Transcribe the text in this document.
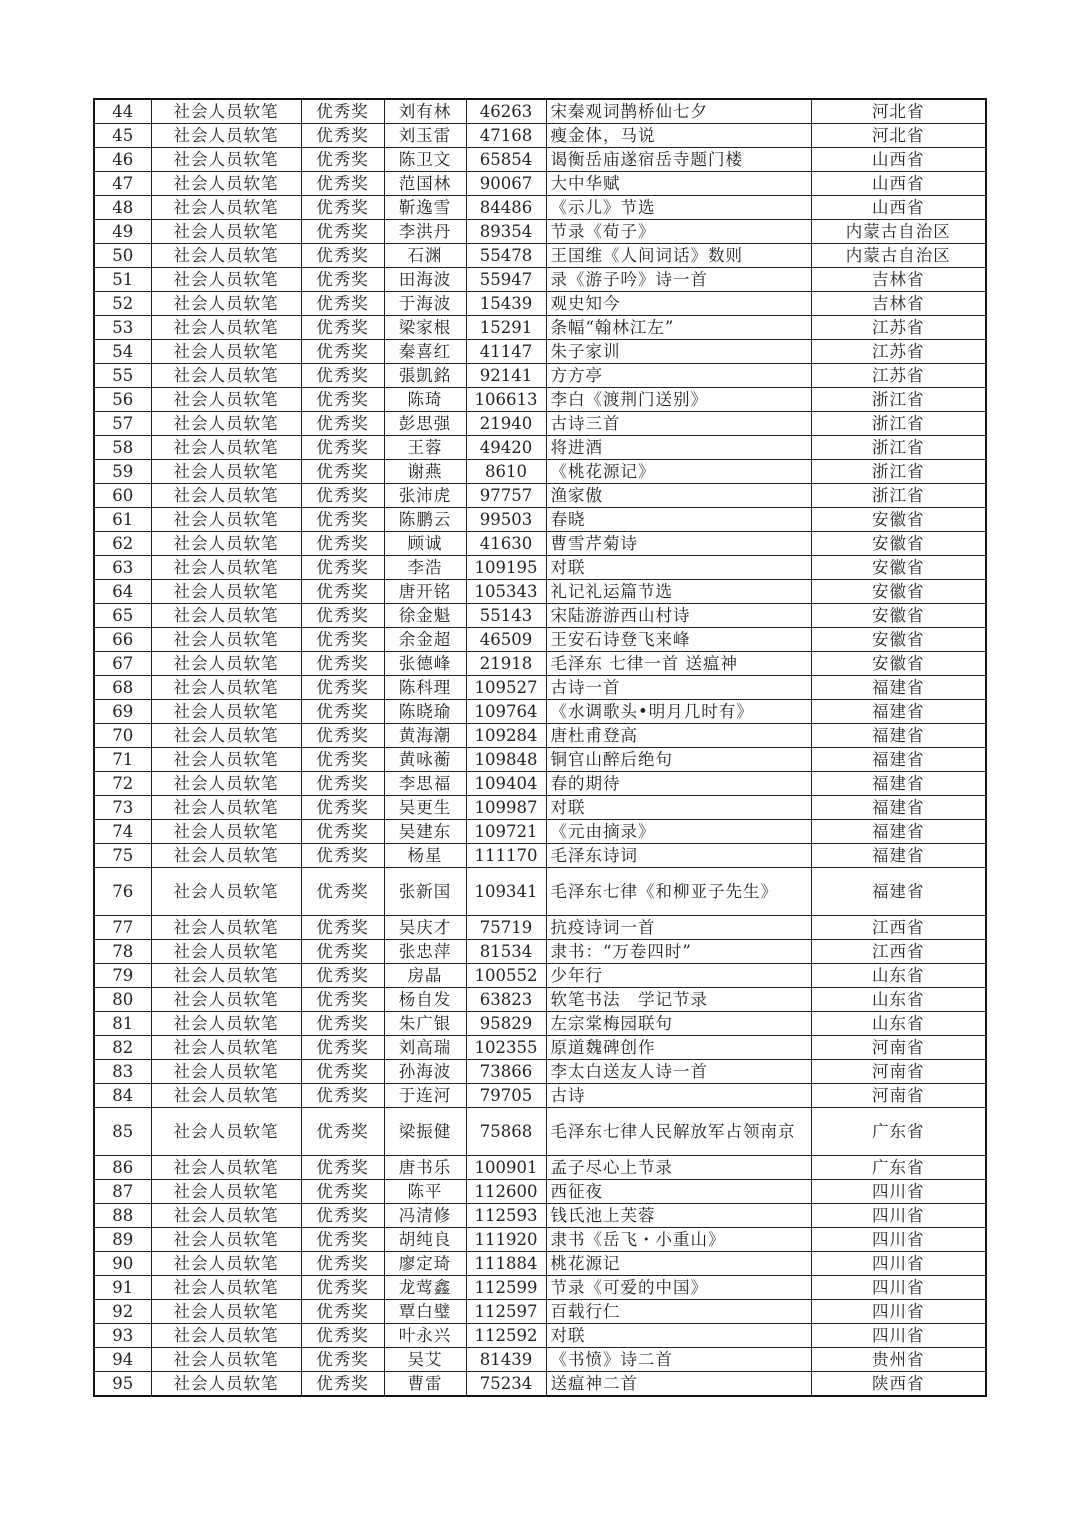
44	社会人员软笔	优秀奖	刘有林	46263	宋秦观词鹊桥仙七夕	河北省
45	社会人员软笔	优秀奖	刘玉雷	47168	瘦金体，马说	河北省
46	社会人员软笔	优秀奖	陈卫文	65854	谒衡岳庙遂宿岳寺题门楼	山西省
47	社会人员软笔	优秀奖	范国林	90067	大中华赋	山西省
48	社会人员软笔	优秀奖	靳逸雪	84486	《示儿》节选	山西省
49	社会人员软笔	优秀奖	李洪丹	89354	节录《荀子》	内蒙古自治区
50	社会人员软笔	优秀奖	石渊	55478	王国维《人间词话》数则	内蒙古自治区
51	社会人员软笔	优秀奖	田海波	55947	录《游子吟》诗一首	吉林省
52	社会人员软笔	优秀奖	于海波	15439	观史知今	吉林省
53	社会人员软笔	优秀奖	梁家根	15291	条幅“翰林江左”	江苏省
54	社会人员软笔	优秀奖	秦喜红	41147	朱子家训	江苏省
55	社会人员软笔	优秀奖	張凱銘	92141	方方亭	江苏省
56	社会人员软笔	优秀奖	陈琦	106613	李白《渡荆门送别》	浙江省
57	社会人员软笔	优秀奖	彭思强	21940	古诗三首	浙江省
58	社会人员软笔	优秀奖	王蓉	49420	将进酒	浙江省
59	社会人员软笔	优秀奖	谢燕	8610	《桃花源记》	浙江省
60	社会人员软笔	优秀奖	张沛虎	97757	渔家傲	浙江省
61	社会人员软笔	优秀奖	陈鹏云	99503	春晓	安徽省
62	社会人员软笔	优秀奖	顾诚	41630	曹雪芹菊诗	安徽省
63	社会人员软笔	优秀奖	李浩	109195	对联	安徽省
64	社会人员软笔	优秀奖	唐开铭	105343	礼记礼运篇节选	安徽省
65	社会人员软笔	优秀奖	徐金魁	55143	宋陆游游西山村诗	安徽省
66	社会人员软笔	优秀奖	余金超	46509	王安石诗登飞来峰	安徽省
67	社会人员软笔	优秀奖	张德峰	21918	毛泽东 七律一首 送瘟神	安徽省
68	社会人员软笔	优秀奖	陈科理	109527	古诗一首	福建省
69	社会人员软笔	优秀奖	陈晓瑜	109764	《水调歌头•明月几时有》	福建省
70	社会人员软笔	优秀奖	黄海潮	109284	唐杜甫登高	福建省
71	社会人员软笔	优秀奖	黄咏蘅	109848	铜官山醉后绝句	福建省
72	社会人员软笔	优秀奖	李思福	109404	春的期待	福建省
73	社会人员软笔	优秀奖	吴更生	109987	对联	福建省
74	社会人员软笔	优秀奖	吴建东	109721	《元由摘录》	福建省
75	社会人员软笔	优秀奖	杨星	111170	毛泽东诗词	福建省
76	社会人员软笔	优秀奖	张新国	109341	毛泽东七律《和柳亚子先生》	福建省
77	社会人员软笔	优秀奖	吴庆才	75719	抗疫诗词一首	江西省
78	社会人员软笔	优秀奖	张忠萍	81534	隶书：“万卷四时”	江西省
79	社会人员软笔	优秀奖	房晶	100552	少年行	山东省
80	社会人员软笔	优秀奖	杨自发	63823	软笔书法　学记节录	山东省
81	社会人员软笔	优秀奖	朱广银	95829	左宗棠梅园联句	山东省
82	社会人员软笔	优秀奖	刘高瑞	102355	原道魏碑创作	河南省
83	社会人员软笔	优秀奖	孙海波	73866	李太白送友人诗一首	河南省
84	社会人员软笔	优秀奖	于连河	79705	古诗	河南省
85	社会人员软笔	优秀奖	梁振健	75868	毛泽东七律人民解放军占领南京	广东省
86	社会人员软笔	优秀奖	唐书乐	100901	孟子尽心上节录	广东省
87	社会人员软笔	优秀奖	陈平	112600	西征夜	四川省
88	社会人员软笔	优秀奖	冯清修	112593	钱氏池上芙蓉	四川省
89	社会人员软笔	优秀奖	胡纯良	111920	隶书《岳飞・小重山》	四川省
90	社会人员软笔	优秀奖	廖定琦	111884	桃花源记	四川省
91	社会人员软笔	优秀奖	龙莺鑫	112599	节录《可爱的中国》	四川省
92	社会人员软笔	优秀奖	覃白璧	112597	百载行仁	四川省
93	社会人员软笔	优秀奖	叶永兴	112592	对联	四川省
94	社会人员软笔	优秀奖	吴艾	81439	《书愤》诗二首	贵州省
95	社会人员软笔	优秀奖	曹雷	75234	送瘟神二首	陕西省
